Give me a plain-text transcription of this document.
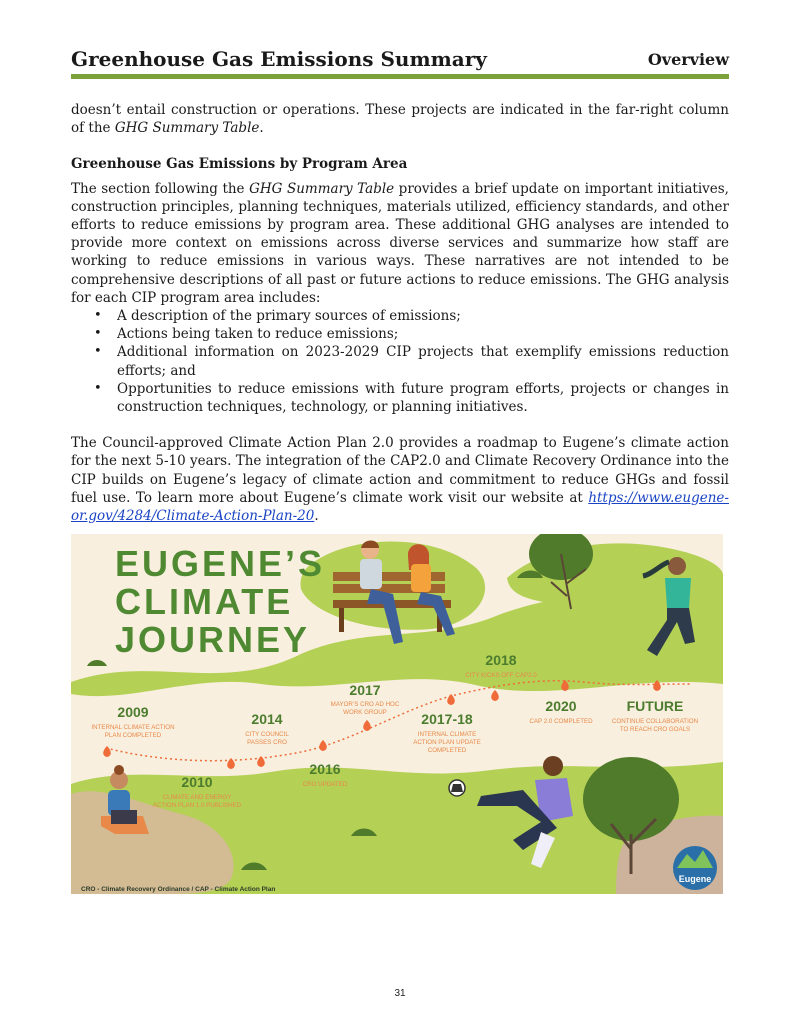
Greenhouse Gas Emissions Summary	Overview

doesn’t entail construction or operations. These projects are indicated in the far-right column of the GHG Summary Table.

Greenhouse Gas Emissions by Program Area

The section following the GHG Summary Table provides a brief update on important initiatives, construction principles, planning techniques, materials utilized, efficiency standards, and other efforts to reduce emissions by program area. These additional GHG analyses are intended to provide more context on emissions across diverse services and summarize how staff are working to reduce emissions in various ways. These narratives are not intended to be comprehensive descriptions of all past or future actions to reduce emissions. The GHG analysis for each CIP program area includes:

• A description of the primary sources of emissions;
• Actions being taken to reduce emissions;
• Additional information on 2023-2029 CIP projects that exemplify emissions reduction efforts; and
• Opportunities to reduce emissions with future program efforts, projects or changes in construction techniques, technology, or planning initiatives.

The Council-approved Climate Action Plan 2.0 provides a roadmap to Eugene’s climate action for the next 5-10 years. The integration of the CAP2.0 and Climate Recovery Ordinance into the CIP builds on Eugene’s legacy of climate action and commitment to reduce GHGs and fossil fuel use. To learn more about Eugene’s climate work visit our website at https://www.eugene-or.gov/4284/Climate-Action-Plan-20.

2009
INTERNAL CLIMATE ACTION
PLAN COMPLETED
2010
CLIMATE AND ENERGY
ACTION PLAN 1.0 PUBLISHED
2014
CITY COUNCIL
PASSES CRO
2016
CRO UPDATED
2017
MAYOR’S CRO AD HOC
WORK GROUP 2017-18
INTERNAL CLIMATE
ACTION PLAN UPDATE
COMPLETED
2018
CITY KICKS OFF CAP2.0
2020
CAP 2.0 COMPLETED
FUTURE
CONTINUE COLLABORATION
TO REACH CRO GOALS
EUGENE’S
CLIMATE
JOURNEY
CRO - Climate Recovery Ordinance / CAP - Climate Action Plan
Eugene
31
